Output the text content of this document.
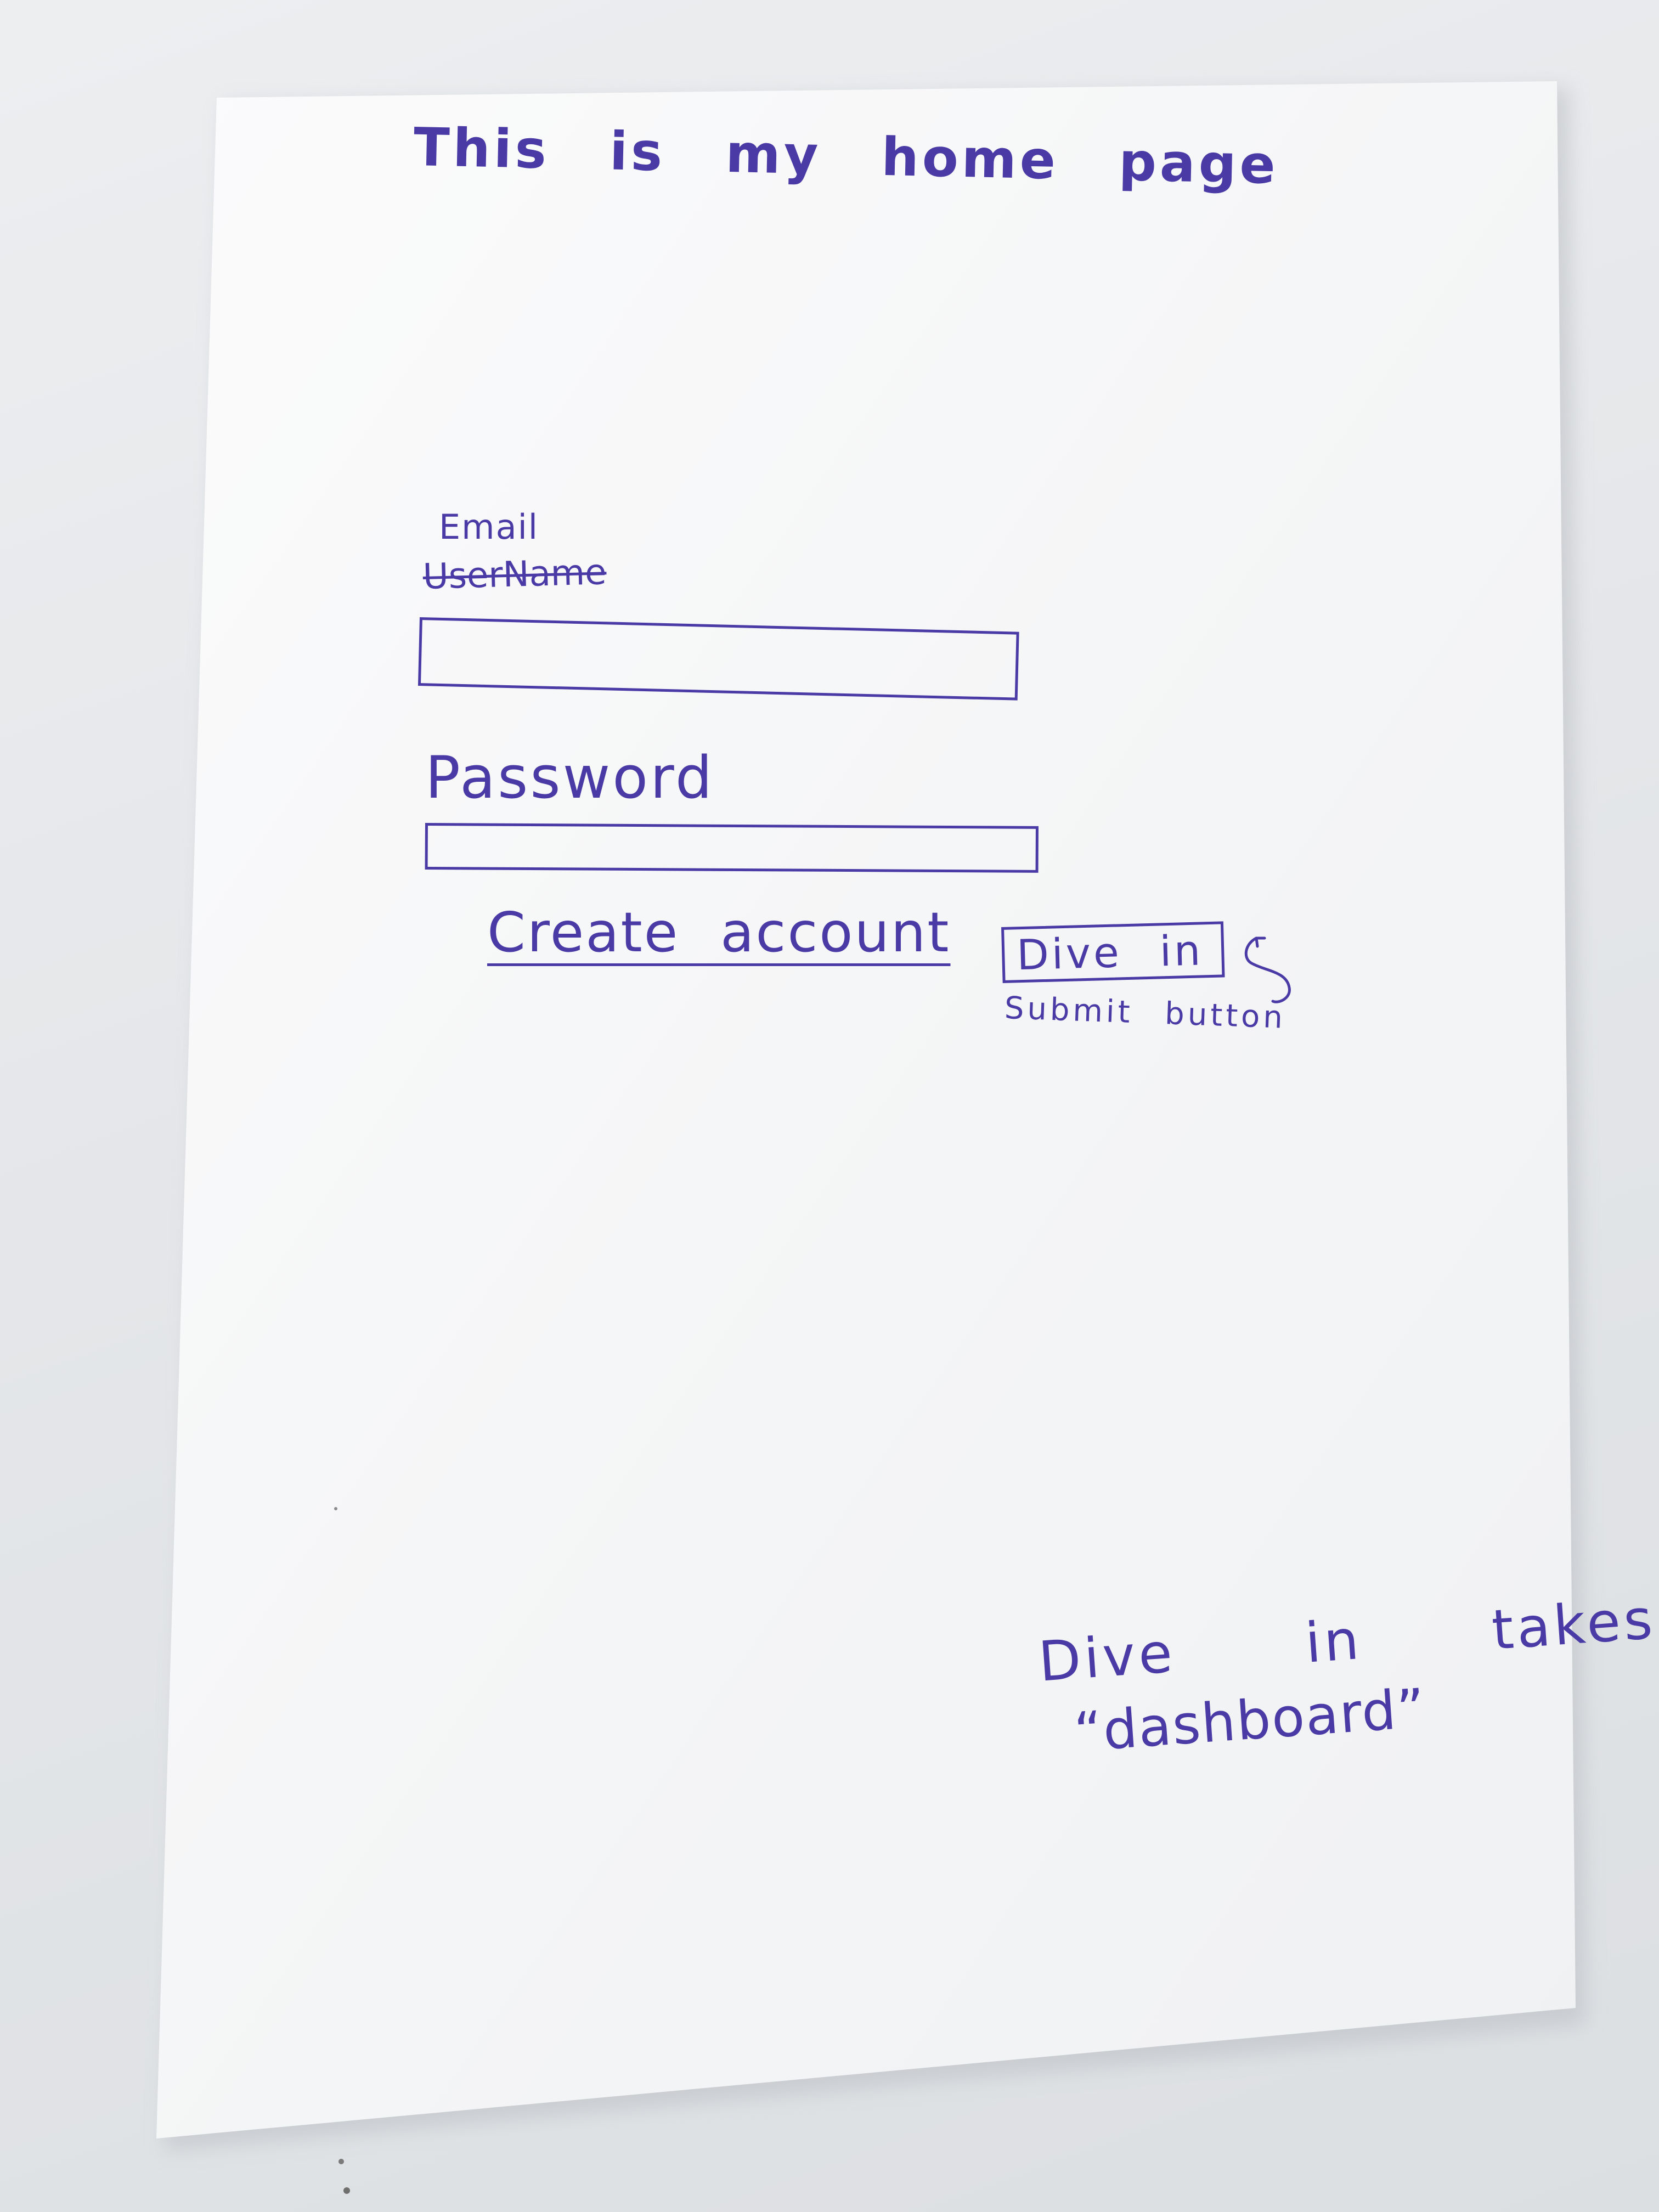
This is my home page
Email
UserName
Password
Create account	Dive in
Submit button
Dive in takes
“dashboard”
